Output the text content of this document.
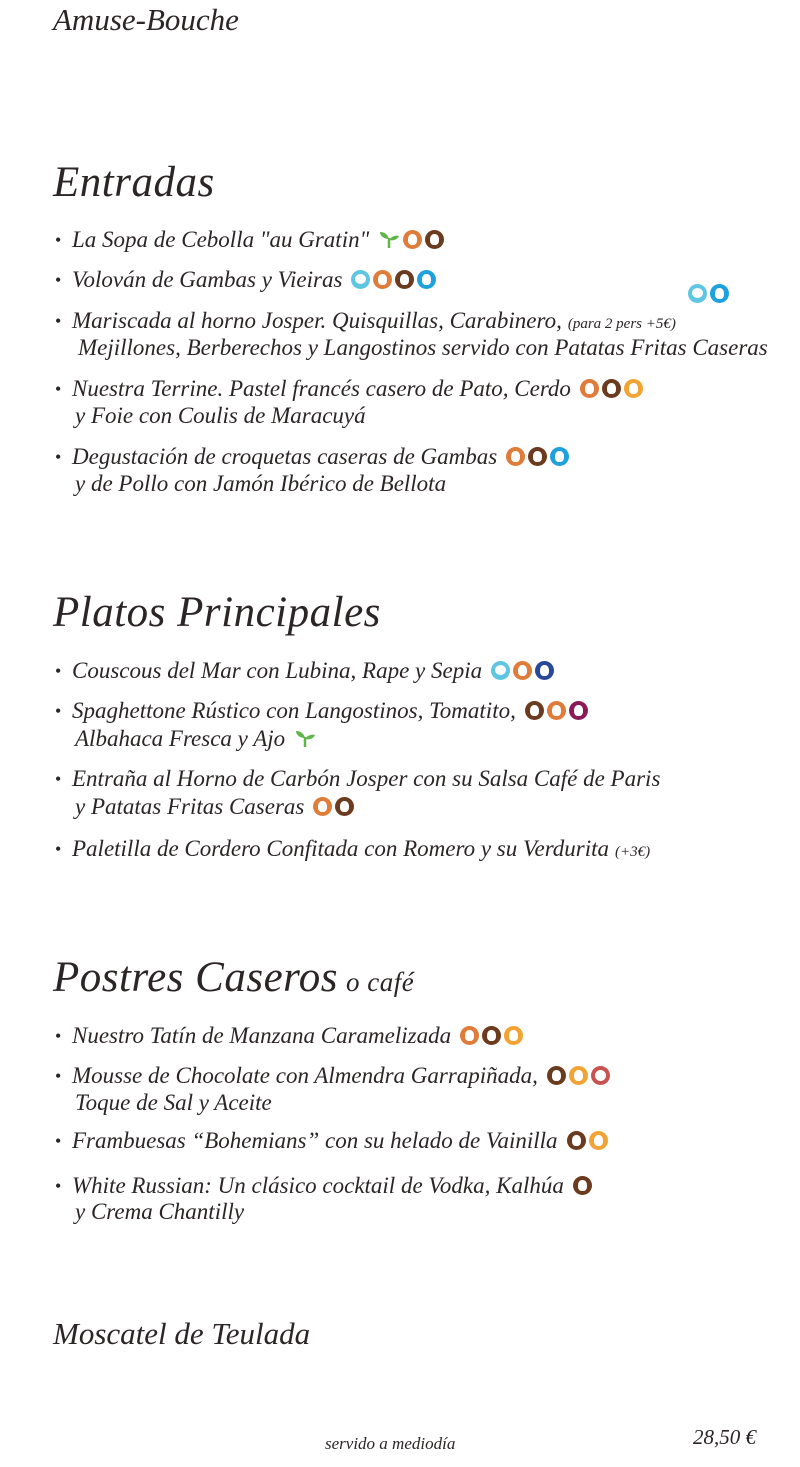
Amuse-Bouche
Entradas
• La Sopa de Cebolla "au Gratin"
• Volován de Gambas y Vieiras
• Mariscada al horno Josper. Quisquillas, Carabinero, (para 2 pers +5€)
Mejillones, Berberechos y Langostinos servido con Patatas Fritas Caseras
• Nuestra Terrine. Pastel francés casero de Pato, Cerdo
y Foie con Coulis de Maracuyá
• Degustación de croquetas caseras de Gambas
y de Pollo con Jamón Ibérico de Bellota
Platos Principales
• Couscous del Mar con Lubina, Rape y Sepia
• Spaghettone Rústico con Langostinos, Tomatito,
Albahaca Fresca y Ajo
• Entraña al Horno de Carbón Josper con su Salsa Café de Paris
y Patatas Fritas Caseras
• Paletilla de Cordero Confitada con Romero y su Verdurita (+3€)
Postres Caseros o café
• Nuestro Tatín de Manzana Caramelizada
• Mousse de Chocolate con Almendra Garrapiñada,
Toque de Sal y Aceite
• Frambuesas “Bohemians” con su helado de Vainilla
• White Russian: Un clásico cocktail de Vodka, Kalhúa
y Crema Chantilly
Moscatel de Teulada
servido a mediodía	28,50 €
